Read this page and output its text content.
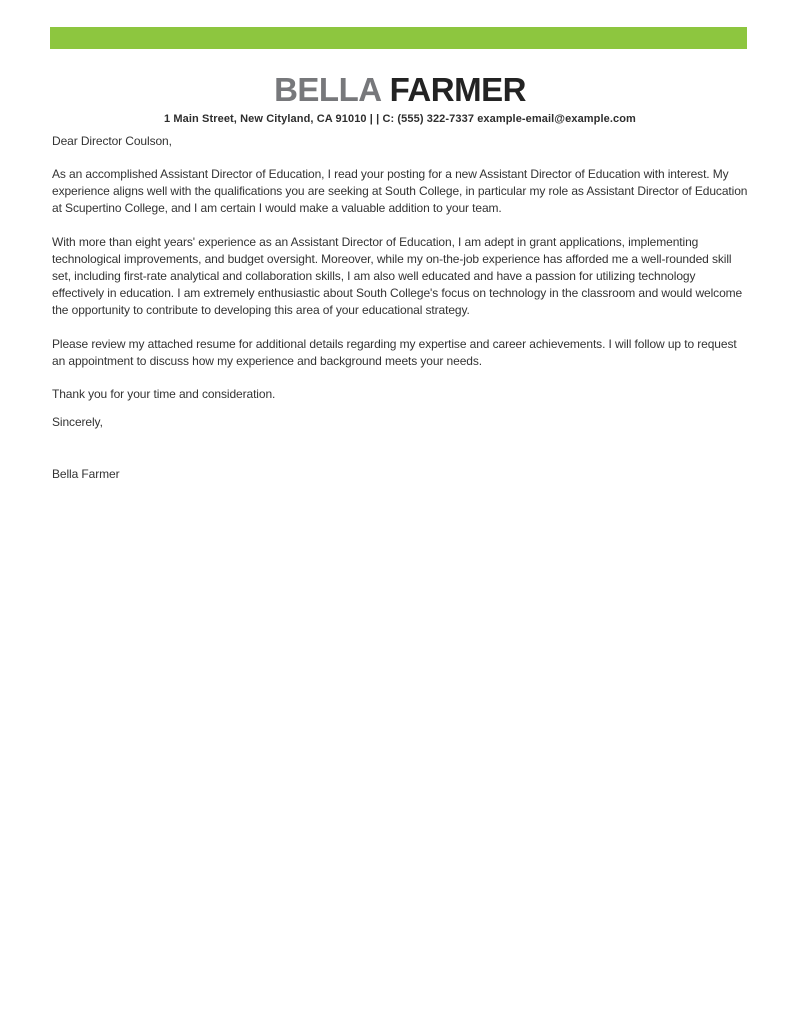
BELLA FARMER
1 Main Street, New Cityland, CA 91010 | | C: (555) 322-7337 example-email@example.com

Dear Director Coulson,

As an accomplished Assistant Director of Education, I read your posting for a new Assistant Director of Education with interest. My experience aligns well with the qualifications you are seeking at South College, in particular my role as Assistant Director of Education at Scupertino College, and I am certain I would make a valuable addition to your team.

With more than eight years' experience as an Assistant Director of Education, I am adept in grant applications, implementing technological improvements, and budget oversight. Moreover, while my on-the-job experience has afforded me a well-rounded skill set, including first-rate analytical and collaboration skills, I am also well educated and have a passion for utilizing technology effectively in education. I am extremely enthusiastic about South College's focus on technology in the classroom and would welcome the opportunity to contribute to developing this area of your educational strategy.

Please review my attached resume for additional details regarding my expertise and career achievements. I will follow up to request an appointment to discuss how my experience and background meets your needs.

Thank you for your time and consideration.

Sincerely,

Bella Farmer
